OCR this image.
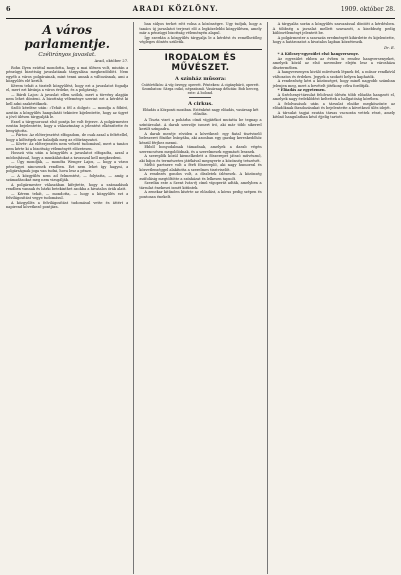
6	ARADI KÖZLÖNY.	1909. október 28.
A város parlamentje.
Czélirányos javaslat.
Arad, október 27.

Rohn Ilyen ezúttal mondotta, hogy a mai ülésen volt, miután a pénzügyi bizottság javaslatának tárgyalása megkezdődött. Nem egyéb a város polgárainak, mint tenni annak a változásnak, ami a közgyűlés elé került.

Kérem tehát a tisztelt közgyűlést, hogy ezt a javaslatot fogadja el, mert ezt kívánja a város érdeke, és a polgárság.

— Bárdi Lajos: A javaslat ellen szólok, mert a törvény alapján nem lehet dönteni. A bizottság véleménye szerint ezt a kérdést ki kell adni szakértőknek.

Szóló kérdése után: »Tehát a fél a dolgot« — mondja a főbíró, azután a közgyűlés hangulatát tekintve kijelentette, hogy az ügyet a jövő ülésen tárgyalják le.

Ezzel a tárgysorozat első pontja be volt fejezve. A polgármester ezután bejelentette, hogy a választmány a jelentést elkészítette és benyújtotta.

— Pártos: Az előterjesztést elfogadom, de csak azzal a feltétellel, hogy a költségek ne haladják meg az előirányzatot.

— Kövér: Az előterjesztés nem vehető tudomásul, mert a tanács nem kérte ki a bizottság véleményét előzetesen.

Hosszú vita után a közgyűlés a javaslatot elfogadta, azzal a módosítással, hogy a munkálatokat a tavasszal kell megkezdeni.

— Ügy mondják, — mondta Wenger Lajos, — hogy a város pénzügyei nincsenek rendben. Ezt nem lehet így hagyni, a polgárságnak joga van tudni, hova lesz a pénze.

— A közgyűlés nem ad felmentést, — folytatta, — amíg a számadásokat meg nem vizsgálják.

A polgármester válaszában kifejtette, hogy a számadások rendben vannak és bárki betekinthet azokba a hivatalos órák alatt.

— Kérem tehát, — mondotta, — hogy a közgyűlés ezt a felvilágosítást vegye tudomásul.

A közgyűlés a felvilágosítást tudomásul vette és áttért a napirend következő pontjára.

ban súlyos terhet rótt volna a közönségre. Úgy tudjuk, hogy a tanács új javaslatot terjeszt elő a legközelebbi közgyűlésen, amely már a pénzügyi bizottság véleményén alapul.

Így szerdán a közgyűlés tárgyalja le a kérdést és remélhetőleg végleges döntés születik.

IRODALOM ÉS MŰVÉSZET.
A színház műsora:
Csütörtökön: A víg özvegy, operett. Pénteken: A cigánybáró, operett. Szombaton: Sárga csikó, népszínmű. Vasárnap délután: Bob herceg, este: A bolond.
A cirkus.
Előadás a Központi moziban. Esténként nagy előadás, vasárnap két előadás.

A Tiszta vizet a pohárba című vígjátékot mutatta be tegnap a színtársulat. A darab szerzője ismert író, aki már több sikerrel került színpadra.

A darab meséje röviden a következő: egy fiatal tisztviselő beleszeret főnöke leányába, aki azonban egy gazdag kereskedőhöz készül férjhez menni.

Ebből bonyodalmak támadnak, amelyek a darab végén szerencsésen megoldódnak, és a szerelmesek egymáséi lesznek.

A szereplők közül kiemelkedett a főszerepet játszó művésznő, aki bájos és természetes játékával megnyerte a közönség tetszését.

Méltó partnere volt a férfi főszereplő, aki nagy humorral és közvetlenséggel alakította a szerelmes tisztviselőt.

A rendezés gondos volt, a díszletek ízlésesek. A közönség zsúfolásig megtöltötte a színházat és lelkesen tapsolt.

Szerdán este a Szent Iván-éj című vígoperát adták, amelyben a társulat énekesei ismét kitűntek.

A zenekar kitűnően kísérte az előadást, a kórus pedig szépen és pontosan énekelt.

A tárgyalás során a közgyűlés szavazással döntött a kérdésben. A többség a javaslat mellett szavazott, a kisebbség pedig különvéleményt jelentett be.

A polgármester a szavazás eredményét kihirdette és kijelentette, hogy a határozatot a hivatalos lapban közzéteszik.

Dr. E.

* A Kölcsey-egyesület első hangversenye.

Az egyesület ebben az évben is rendez hangversenyeket, amelyek közül az első november elején lesz a városháza dísztermében.

A hangversenyen kiváló művészek lépnek fel, a műsor rendkívül változatos és érdekes. Jegyek a szokott helyen kaphatók.

A rendezőség kéri a közönséget, hogy minél nagyobb számban jelenjen meg, mert a bevételt jótékony célra fordítják.

* Előadás az egyetemen.

A Széchenyi-társulat felolvasó ülésén több előadás hangzott el, amelyek nagy érdeklődést keltettek a hallgatóság körében.

A felolvasások után a társulat elnöke megköszönte az előadóknak fáradozásukat és bejelentette a következő ülés idejét.

A társulat tagjai ezután társas vacsorán vettek részt, amely kitűnő hangulatban késő éjjelig tartott.
